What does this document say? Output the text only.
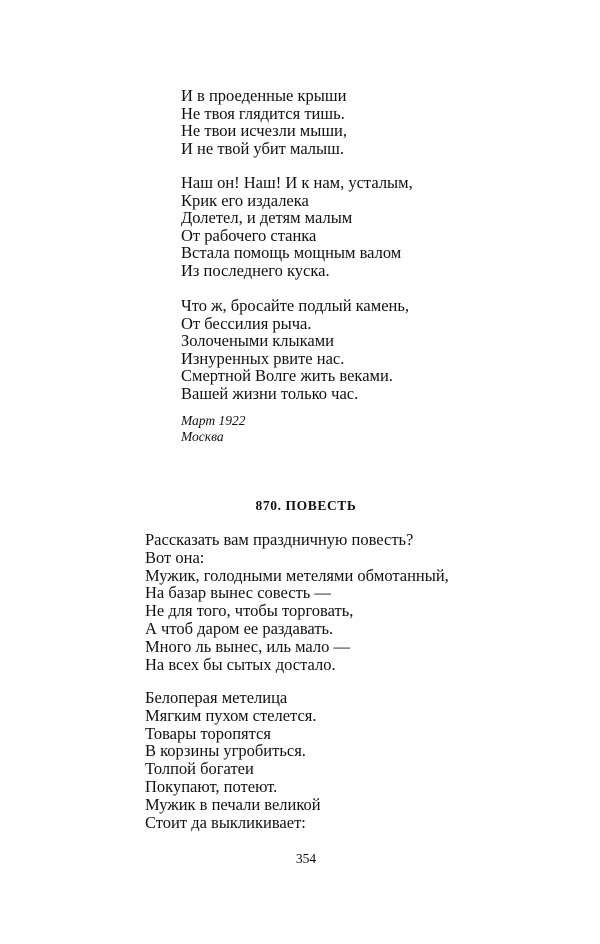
И в проеденные крыши
Не твоя глядится тишь.
Не твои исчезли мыши,
И не твой убит малыш.
Наш он! Наш! И к нам, усталым,
Крик его издалека
Долетел, и детям малым
От рабочего станка
Встала помощь мощным валом
Из последнего куска.
Что ж, бросайте подлый камень,
От бессилия рыча.
Золочеными клыками
Изнуренных рвите нас.
Смертной Волге жить веками.
Вашей жизни только час.
Март 1922
Москва
870. ПОВЕСТЬ
Рассказать вам праздничную повесть?
Вот она:
Мужик, голодными метелями обмотанный,
На базар вынес совесть —
Не для того, чтобы торговать,
А чтоб даром ее раздавать.
Много ль вынес, иль мало —
На всех бы сытых достало.
Белоперая метелица
Мягким пухом стелется.
Товары торопятся
В корзины угробиться.
Толпой богатеи
Покупают, потеют.
Мужик в печали великой
Стоит да выкликивает:
354
